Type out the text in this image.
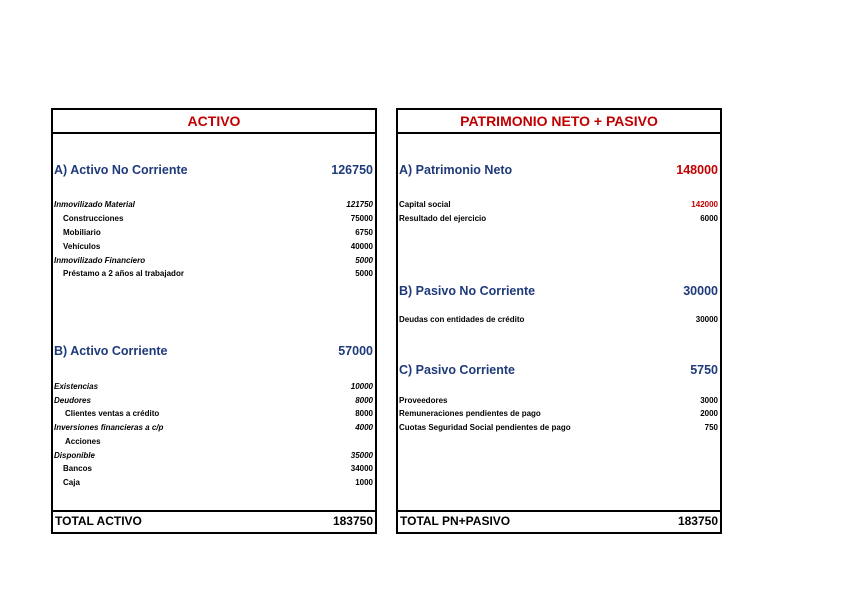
ACTIVO
A) Activo No Corriente	126750
Inmovilizado Material	121750
Construcciones	75000
Mobiliario	6750
Vehículos	40000
Inmovilizado Financiero	5000
Préstamo a 2 años al trabajador	5000
B) Activo Corriente	57000
Existencias	10000
Deudores	8000
Clientes ventas a crédito	8000
Inversiones financieras a c/p	4000
Acciones
Disponible	35000
Bancos	34000
Caja	1000
TOTAL ACTIVO	183750
PATRIMONIO NETO + PASIVO
A) Patrimonio Neto	148000
Capital social	142000
Resultado del ejercicio	6000
B) Pasivo No Corriente	30000
Deudas con entidades de crédito	30000
C) Pasivo Corriente	5750
Proveedores	3000
Remuneraciones pendientes de pago	2000
Cuotas Seguridad Social pendientes de pago	750
TOTAL PN+PASIVO	183750
